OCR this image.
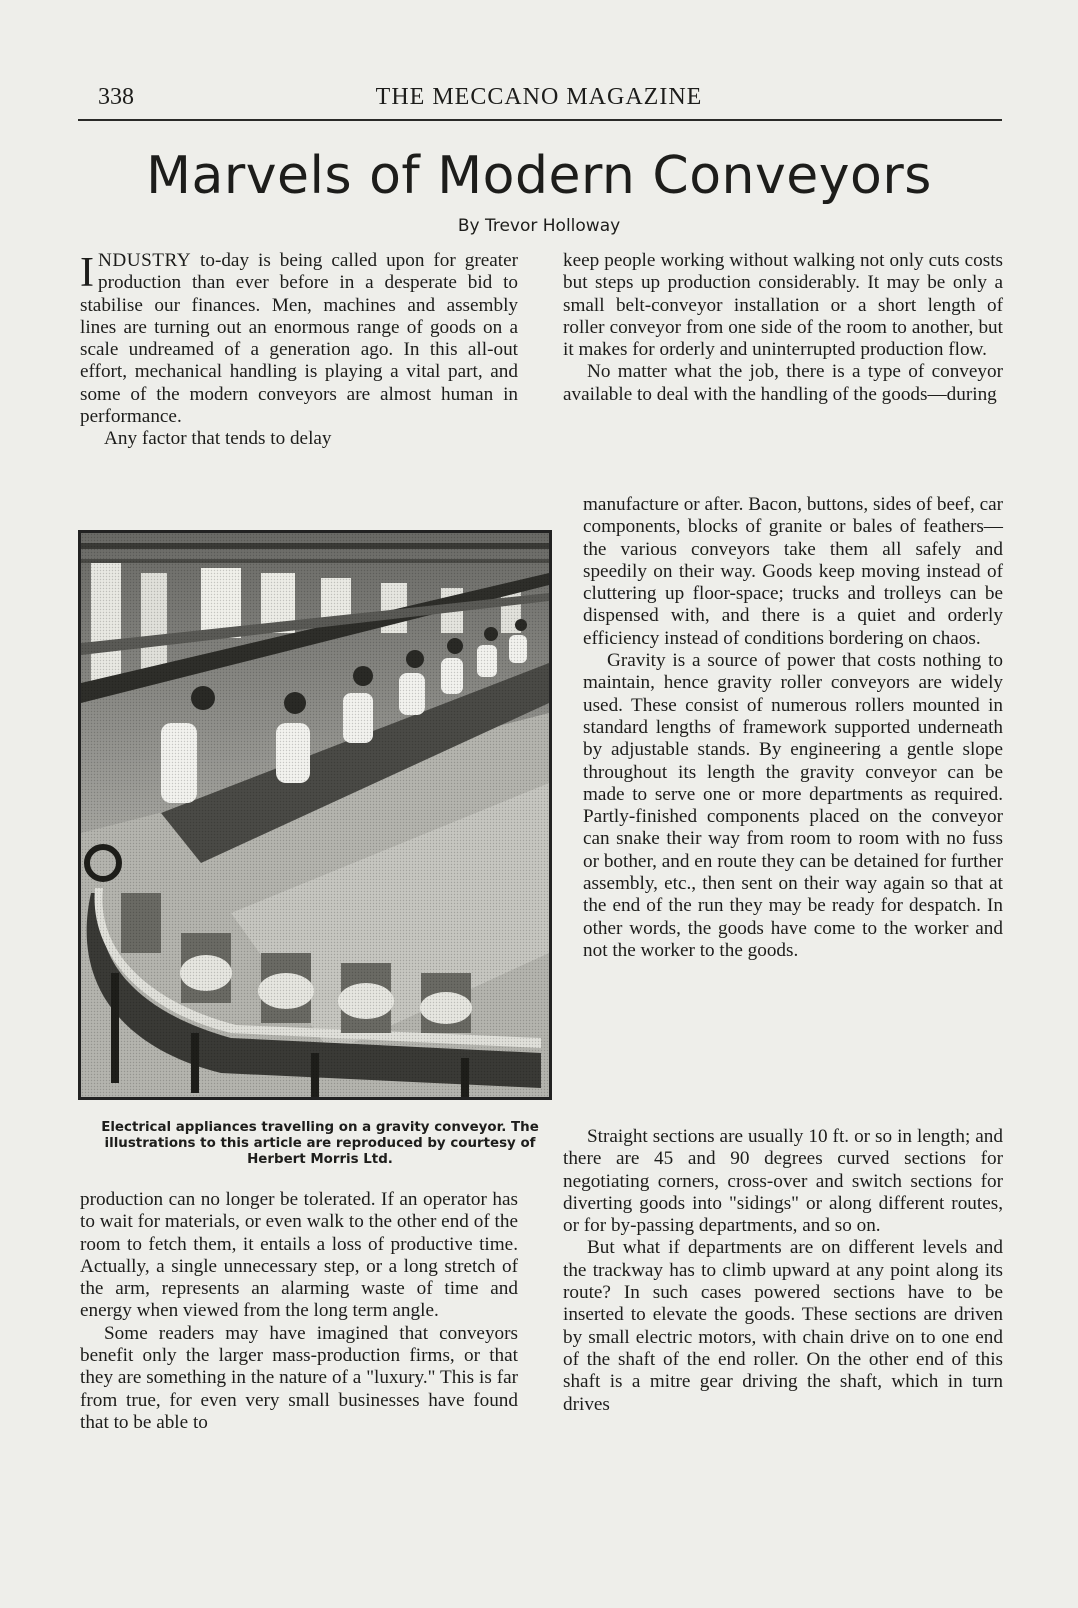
338	THE MECCANO MAGAZINE
Marvels of Modern Conveyors
By Trevor Holloway

INDUSTRY to-day is being called upon for greater production than ever before in a desperate bid to stabilise our finances. Men, machines and assembly lines are turning out an enormous range of goods on a scale undreamed of a generation ago. In this all-out effort, mechanical handling is playing a vital part, and some of the modern conveyors are almost human in performance.

Any factor that tends to delay

Electrical appliances travelling on a gravity conveyor. The illustrations to this article are reproduced by courtesy of Herbert Morris Ltd.

production can no longer be tolerated. If an operator has to wait for materials, or even walk to the other end of the room to fetch them, it entails a loss of productive time. Actually, a single unnecessary step, or a long stretch of the arm, represents an alarming waste of time and energy when viewed from the long term angle.

Some readers may have imagined that conveyors benefit only the larger mass-production firms, or that they are something in the nature of a "luxury." This is far from true, for even very small businesses have found that to be able to

keep people working without walking not only cuts costs but steps up production considerably. It may be only a small belt-conveyor installation or a short length of roller conveyor from one side of the room to another, but it makes for orderly and uninterrupted production flow.

No matter what the job, there is a type of conveyor available to deal with the handling of the goods—during

manufacture or after. Bacon, buttons, sides of beef, car components, blocks of granite or bales of feathers—the various conveyors take them all safely and speedily on their way. Goods keep moving instead of cluttering up floor-space; trucks and trolleys can be dispensed with, and there is a quiet and orderly efficiency instead of conditions bordering on chaos.

Gravity is a source of power that costs nothing to maintain, hence gravity roller conveyors are widely used. These consist of numerous rollers mounted in standard lengths of framework supported underneath by adjustable stands. By engineering a gentle slope throughout its length the gravity conveyor can be made to serve one or more departments as required. Partly-finished components placed on the conveyor can snake their way from room to room with no fuss or bother, and en route they can be detained for further assembly, etc., then sent on their way again so that at the end of the run they may be ready for despatch. In other words, the goods have come to the worker and not the worker to the goods.

Straight sections are usually 10 ft. or so in length; and there are 45 and 90 degrees curved sections for negotiating corners, cross-over and switch sections for diverting goods into "sidings" or along different routes, or for by-passing departments, and so on.

But what if departments are on different levels and the trackway has to climb upward at any point along its route? In such cases powered sections have to be inserted to elevate the goods. These sections are driven by small electric motors, with chain drive on to one end of the shaft of the end roller. On the other end of this shaft is a mitre gear driving the shaft, which in turn drives
